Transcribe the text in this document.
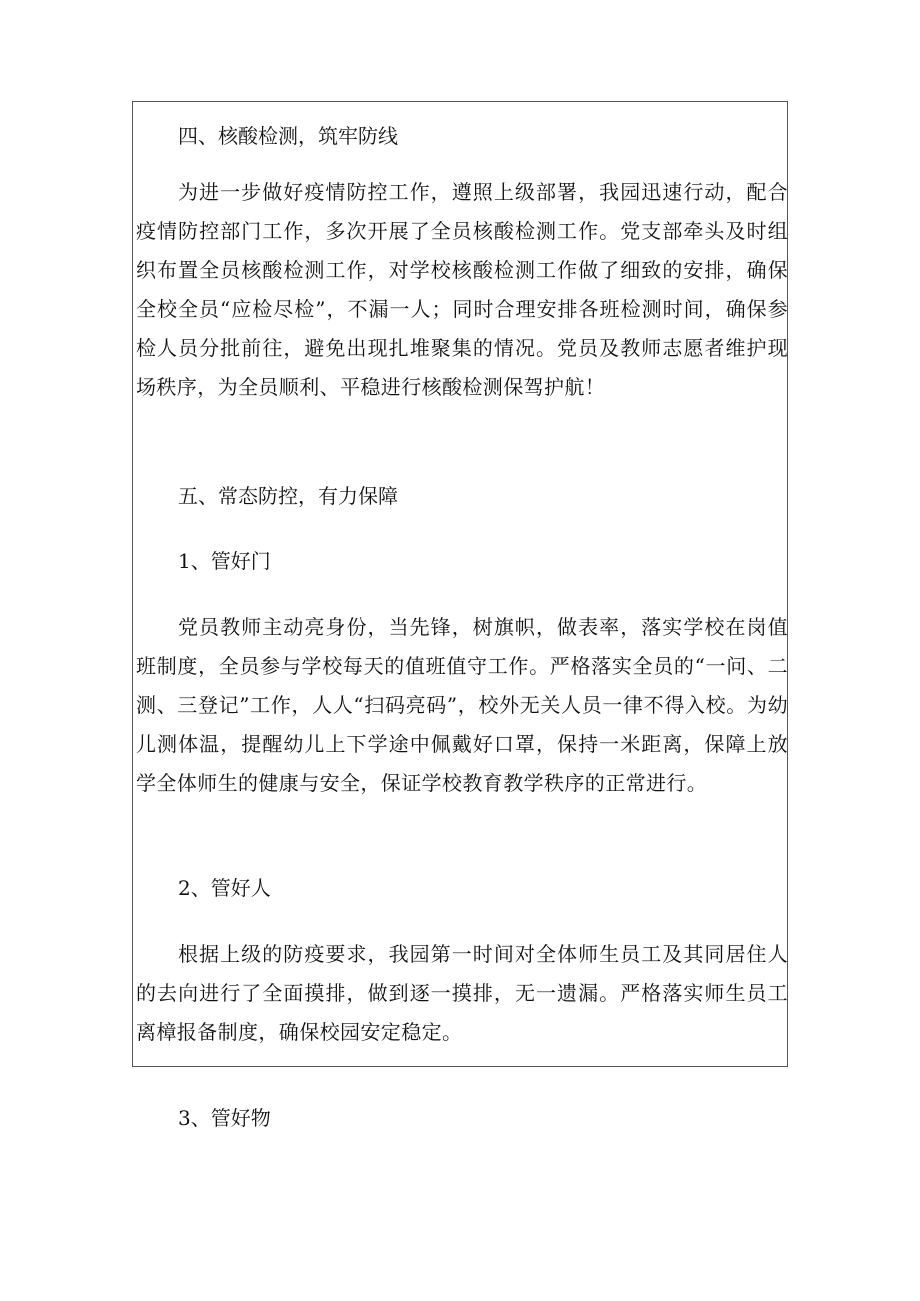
四、核酸检测，筑牢防线

为进一步做好疫情防控工作，遵照上级部署，我园迅速行动，配合疫情防控部门工作，多次开展了全员核酸检测工作。党支部牵头及时组织布置全员核酸检测工作，对学校核酸检测工作做了细致的安排，确保全校全员“应检尽检”，不漏一人；同时合理安排各班检测时间，确保参检人员分批前往，避免出现扎堆聚集的情况。党员及教师志愿者维护现场秩序，为全员顺利、平稳进行核酸检测保驾护航！

五、常态防控，有力保障

1、管好门

党员教师主动亮身份，当先锋，树旗帜，做表率，落实学校在岗值班制度，全员参与学校每天的值班值守工作。严格落实全员的“一问、二测、三登记”工作，人人“扫码亮码”，校外无关人员一律不得入校。为幼儿测体温，提醒幼儿上下学途中佩戴好口罩，保持一米距离，保障上放学全体师生的健康与安全，保证学校教育教学秩序的正常进行。

2、管好人

根据上级的防疫要求，我园第一时间对全体师生员工及其同居住人的去向进行了全面摸排，做到逐一摸排，无一遗漏。严格落实师生员工离樟报备制度，确保校园安定稳定。

3、管好物
